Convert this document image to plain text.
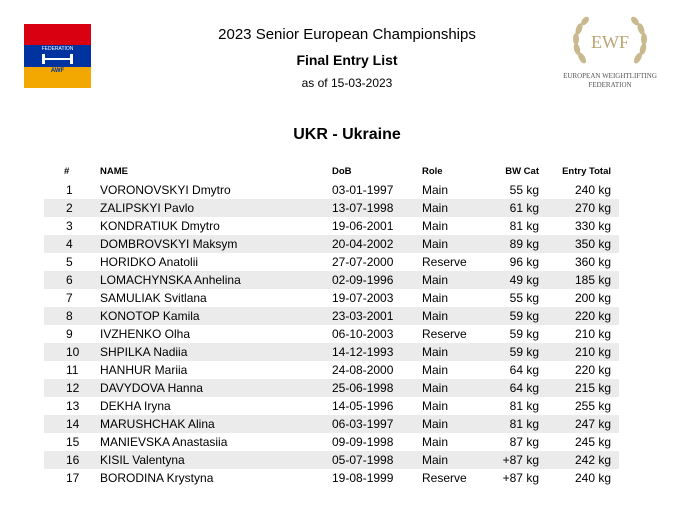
FEDERATION
AWF
EWF
EUROPEAN WEIGHTLIFTING
FEDERATION
2023 Senior European Championships
Final Entry List
as of 15-03-2023
UKR - Ukraine
#	NAME	DoB	Role	BW Cat Entry Total
1 VORONOVSKYI Dmytro	03-01-1997 Main	55 kg	240 kg
2 ZALIPSKYI Pavlo	13-07-1998 Main	61 kg	270 kg
3 KONDRATIUK Dmytro	19-06-2001 Main	81 kg	330 kg
4 DOMBROVSKYI Maksym	20-04-2002 Main	89 kg	350 kg
5 HORIDKO Anatolii	27-07-2000 Reserve	96 kg	360 kg
6 LOMACHYNSKA Anhelina	02-09-1996 Main	49 kg	185 kg
7 SAMULIAK Svitlana	19-07-2003 Main	55 kg	200 kg
8 KONOTOP Kamila	23-03-2001 Main	59 kg	220 kg
9 IVZHENKO Olha	06-10-2003 Reserve	59 kg	210 kg
10 SHPILKA Nadiia	14-12-1993 Main	59 kg	210 kg
11 HANHUR Mariia	24-08-2000 Main	64 kg	220 kg
12 DAVYDOVA Hanna	25-06-1998 Main	64 kg	215 kg
13 DEKHA Iryna	14-05-1996 Main	81 kg	255 kg
14 MARUSHCHAK Alina	06-03-1997 Main	81 kg	247 kg
15 MANIEVSKA Anastasiia	09-09-1998 Main	87 kg	245 kg
16 KISIL Valentyna	05-07-1998 Main	+87 kg	242 kg
17 BORODINA Krystyna	19-08-1999 Reserve	+87 kg	240 kg
